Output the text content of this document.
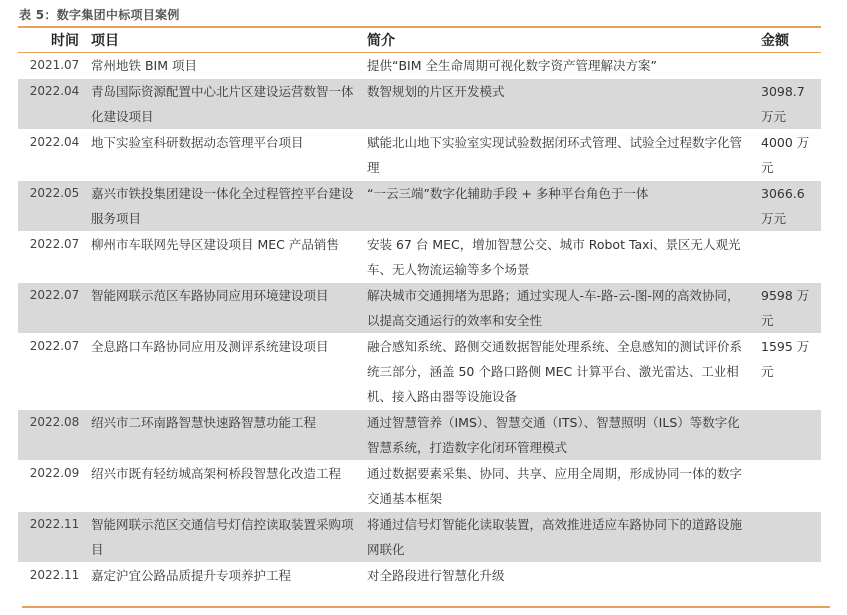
表 5：数字集团中标项目案例
时间	项目	简介	金额
2021.07	常州地铁 BIM 项目	提供“BIM 全生命周期可视化数字资产管理解决方案”	
2022.04	青岛国际资源配置中心北片区建设运营数智一体化建设项目	数智规划的片区开发模式	3098.7万元
2022.04	地下实验室科研数据动态管理平台项目	赋能北山地下实验室实现试验数据闭环式管理、试验全过程数字化管理	4000 万元
2022.05	嘉兴市铁投集团建设一体化全过程管控平台建设服务项目	“一云三端”数字化辅助手段 + 多种平台角色于一体	3066.6万元
2022.07	柳州市车联网先导区建设项目 MEC 产品销售	安装 67 台 MEC，增加智慧公交、城市 Robot Taxi、景区无人观光车、无人物流运输等多个场景	
2022.07	智能网联示范区车路协同应用环境建设项目	解决城市交通拥堵为思路；通过实现人-车-路-云-图-网的高效协同，以提高交通运行的效率和安全性	9598 万元
2022.07	全息路口车路协同应用及测评系统建设项目	融合感知系统、路侧交通数据智能处理系统、全息感知的测试评价系统三部分，涵盖 50 个路口路侧 MEC 计算平台、激光雷达、工业相机、接入路由器等设施设备	1595 万元
2022.08	绍兴市二环南路智慧快速路智慧功能工程	通过智慧管养（IMS）、智慧交通（ITS）、智慧照明（ILS）等数字化智慧系统，打造数字化闭环管理模式	
2022.09	绍兴市既有轻纺城高架柯桥段智慧化改造工程	通过数据要素采集、协同、共享、应用全周期，形成协同一体的数字交通基本框架	
2022.11	智能网联示范区交通信号灯信控读取装置采购项目	将通过信号灯智能化读取装置，高效推进适应车路协同下的道路设施网联化	
2022.11	嘉定沪宜公路品质提升专项养护工程	对全路段进行智慧化升级	
